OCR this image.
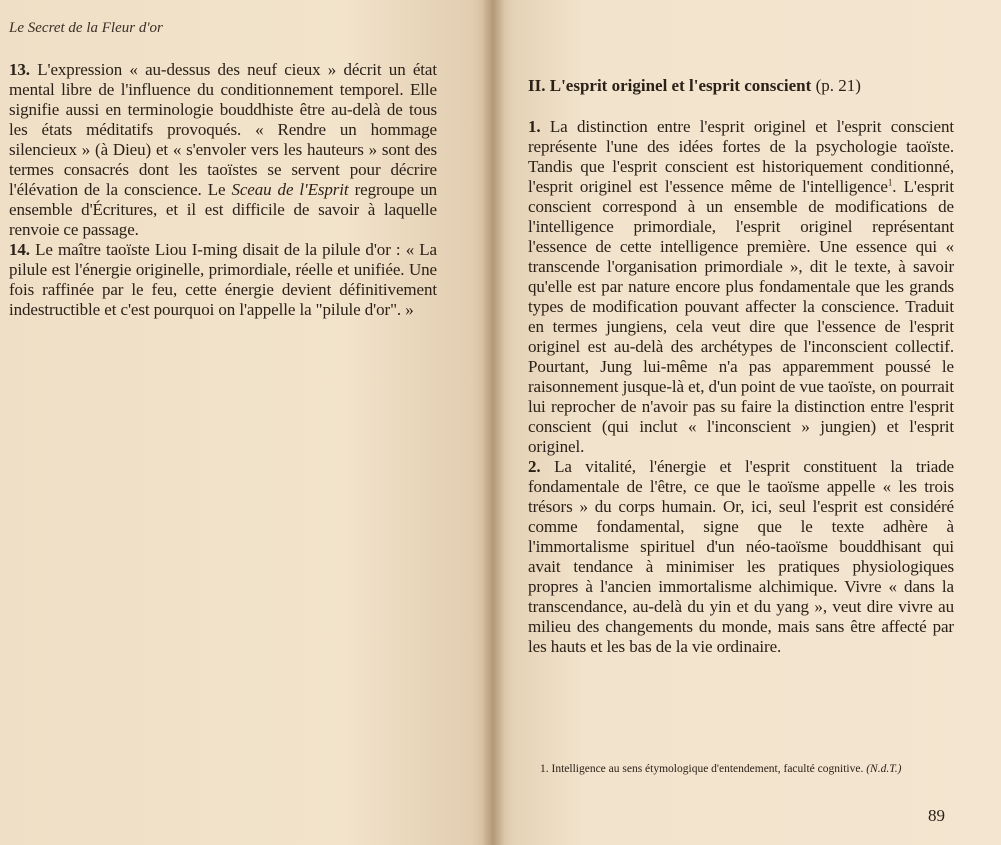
Le Secret de la Fleur d'or

13. L'expression « au-dessus des neuf cieux » décrit un état mental libre de l'influence du conditionnement temporel. Elle signifie aussi en terminologie bouddhiste être au-delà de tous les états méditatifs provoqués. « Rendre un hommage silencieux » (à Dieu) et « s'envoler vers les hauteurs » sont des termes consacrés dont les taoïstes se servent pour décrire l'élévation de la conscience. Le Sceau de l'Esprit regroupe un ensemble d'Écritures, et il est difficile de savoir à laquelle renvoie ce passage.

14. Le maître taoïste Liou I-ming disait de la pilule d'or : « La pilule est l'énergie originelle, primordiale, réelle et unifiée. Une fois raffinée par le feu, cette énergie devient définitivement indestructible et c'est pourquoi on l'appelle la "pilule d'or". »

II. L'esprit originel et l'esprit conscient (p. 21)

1. La distinction entre l'esprit originel et l'esprit conscient représente l'une des idées fortes de la psychologie taoïste. Tandis que l'esprit conscient est historiquement conditionné, l'esprit originel est l'essence même de l'intelligence$^1$. L'esprit conscient correspond à un ensemble de modifications de l'intelligence primordiale, l'esprit originel représentant l'essence de cette intelligence première. Une essence qui « transcende l'organisation primordiale », dit le texte, à savoir qu'elle est par nature encore plus fondamentale que les grands types de modification pouvant affecter la conscience. Traduit en termes jungiens, cela veut dire que l'essence de l'esprit originel est au-delà des archétypes de l'inconscient collectif. Pourtant, Jung lui-même n'a pas apparemment poussé le raisonnement jusque-là et, d'un point de vue taoïste, on pourrait lui reprocher de n'avoir pas su faire la distinction entre l'esprit conscient (qui inclut « l'inconscient » jungien) et l'esprit originel.

2. La vitalité, l'énergie et l'esprit constituent la triade fondamentale de l'être, ce que le taoïsme appelle « les trois trésors » du corps humain. Or, ici, seul l'esprit est considéré comme fondamental, signe que le texte adhère à l'immortalisme spirituel d'un néo-taoïsme bouddhisant qui avait tendance à minimiser les pratiques physiologiques propres à l'ancien immortalisme alchimique. Vivre « dans la transcendance, au-delà du yin et du yang », veut dire vivre au milieu des changements du monde, mais sans être affecté par les hauts et les bas de la vie ordinaire.

1. Intelligence au sens étymologique d'entendement, faculté cognitive. (N.d.T.)
89
